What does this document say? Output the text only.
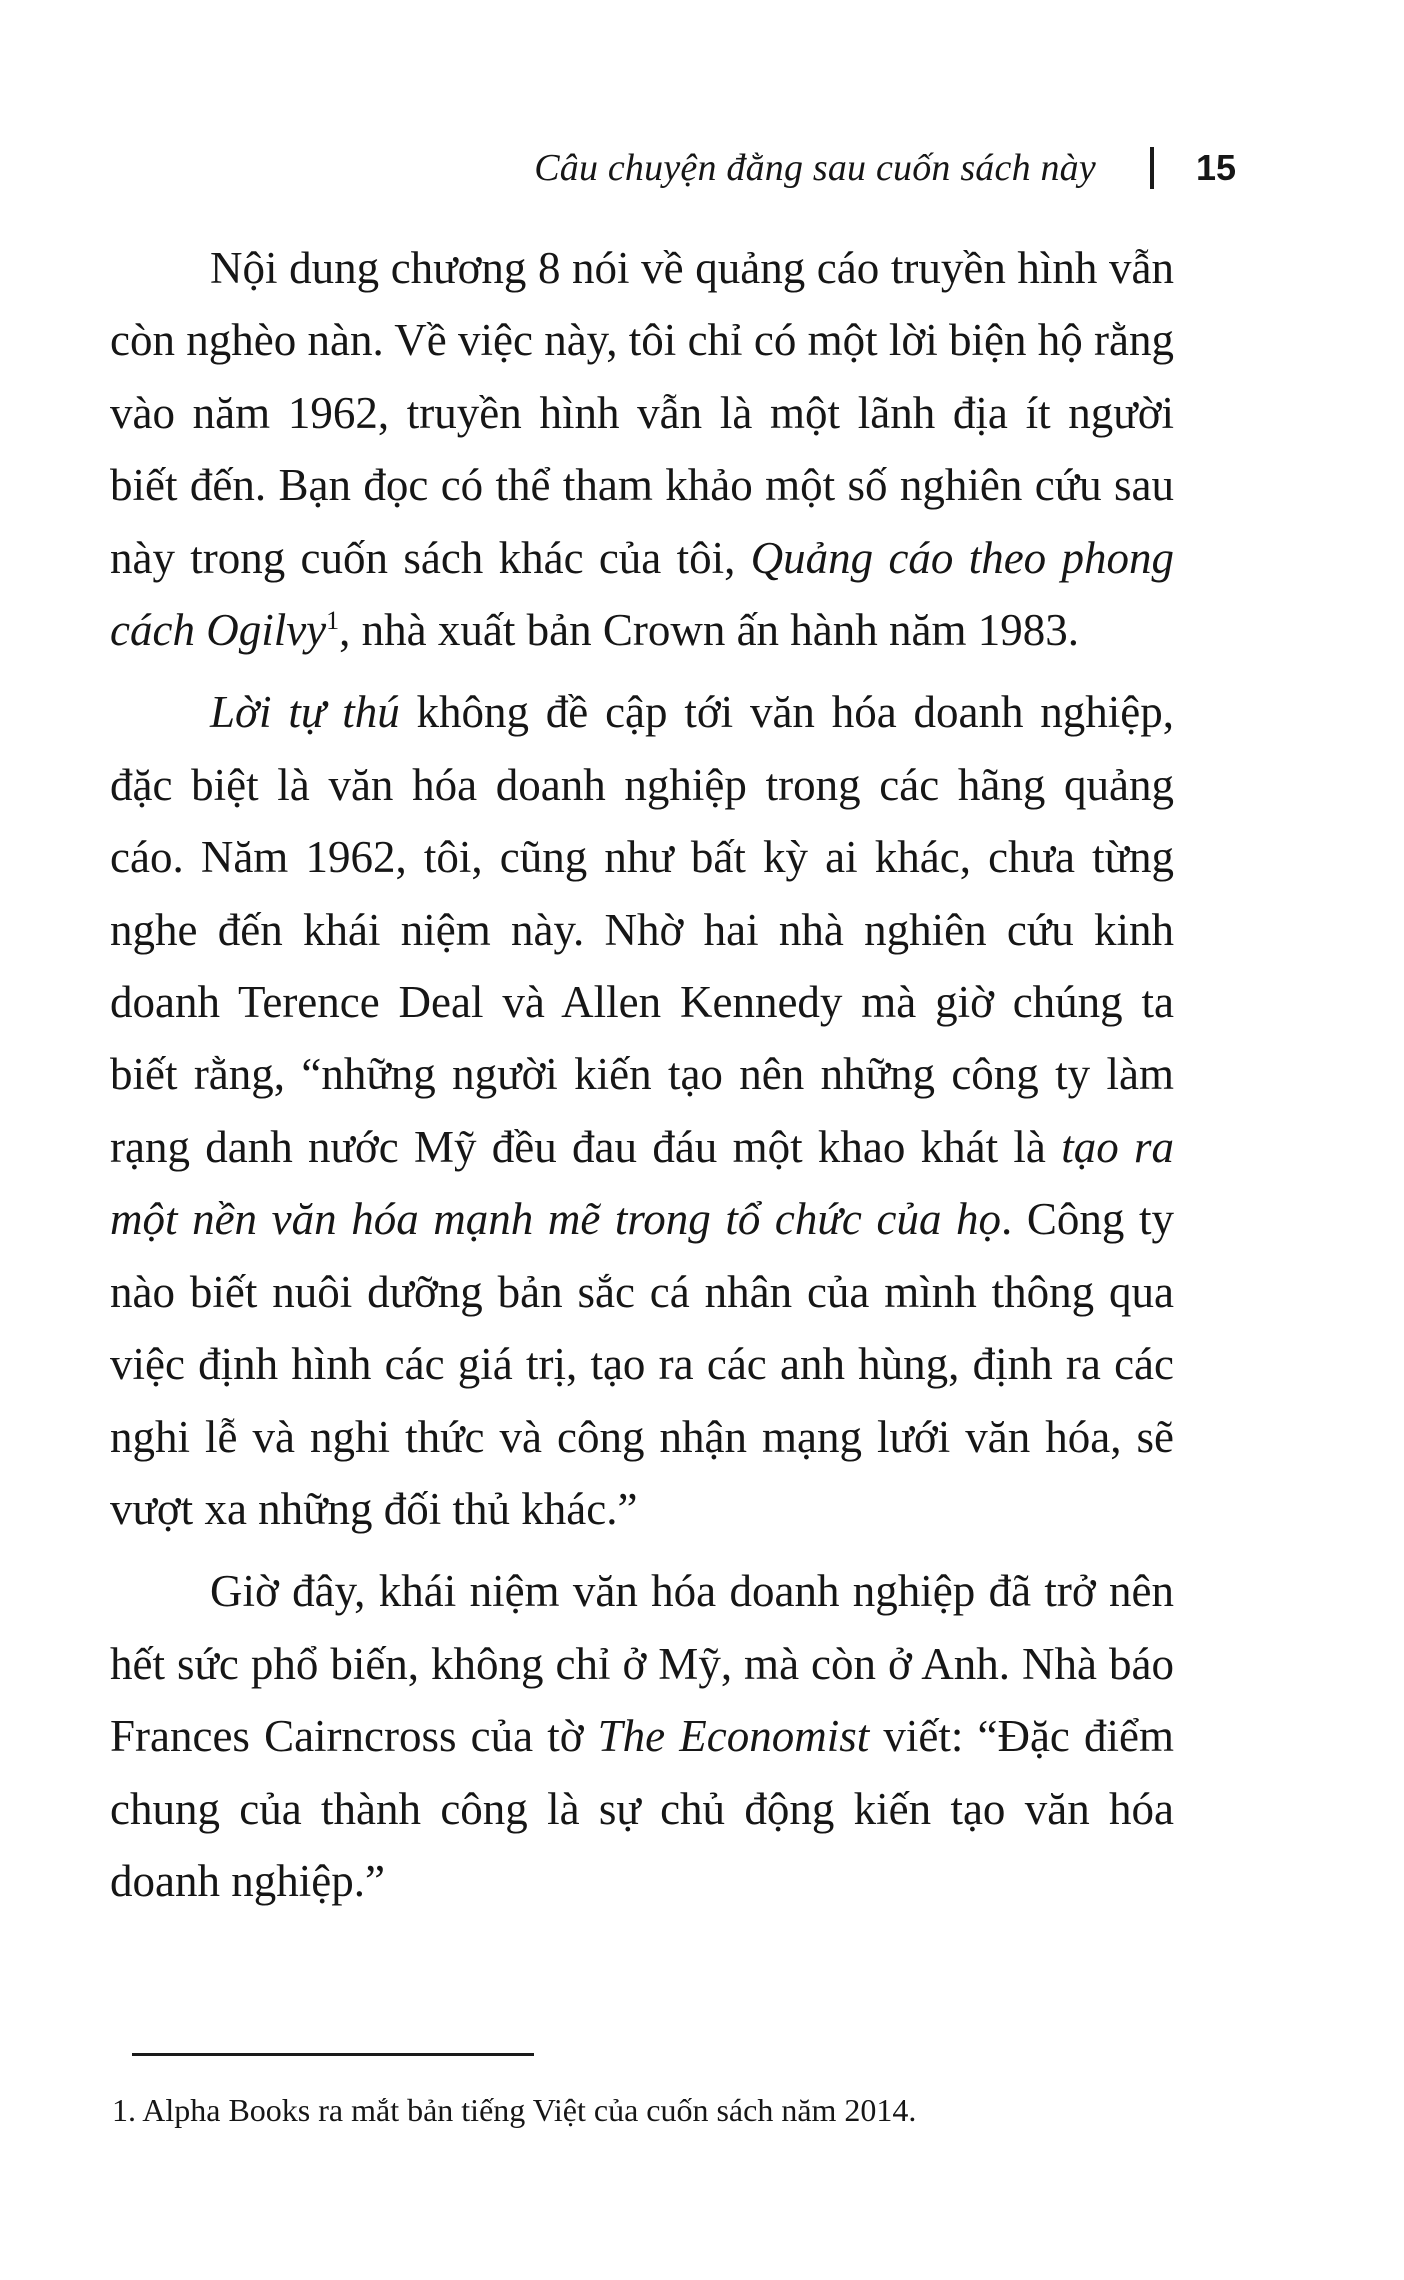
Câu chuyện đằng sau cuốn sách này	15

Nội dung chương 8 nói về quảng cáo truyền hình vẫn còn nghèo nàn. Về việc này, tôi chỉ có một lời biện hộ rằng vào năm 1962, truyền hình vẫn là một lãnh địa ít người biết đến. Bạn đọc có thể tham khảo một số nghiên cứu sau này trong cuốn sách khác của tôi, Quảng cáo theo phong cách Ogilvy$^1$, nhà xuất bản Crown ấn hành năm 1983.

Lời tự thú không đề cập tới văn hóa doanh nghiệp, đặc biệt là văn hóa doanh nghiệp trong các hãng quảng cáo. Năm 1962, tôi, cũng như bất kỳ ai khác, chưa từng nghe đến khái niệm này. Nhờ hai nhà nghiên cứu kinh doanh Terence Deal và Allen Kennedy mà giờ chúng ta biết rằng, “những người kiến tạo nên những công ty làm rạng danh nước Mỹ đều đau đáu một khao khát là tạo ra một nền văn hóa mạnh mẽ trong tổ chức của họ. Công ty nào biết nuôi dưỡng bản sắc cá nhân của mình thông qua việc định hình các giá trị, tạo ra các anh hùng, định ra các nghi lễ và nghi thức và công nhận mạng lưới văn hóa, sẽ vượt xa những đối thủ khác.”

Giờ đây, khái niệm văn hóa doanh nghiệp đã trở nên hết sức phổ biến, không chỉ ở Mỹ, mà còn ở Anh. Nhà báo Frances Cairncross của tờ The Economist viết: “Đặc điểm chung của thành công là sự chủ động kiến tạo văn hóa doanh nghiệp.”

1. Alpha Books ra mắt bản tiếng Việt của cuốn sách năm 2014.
